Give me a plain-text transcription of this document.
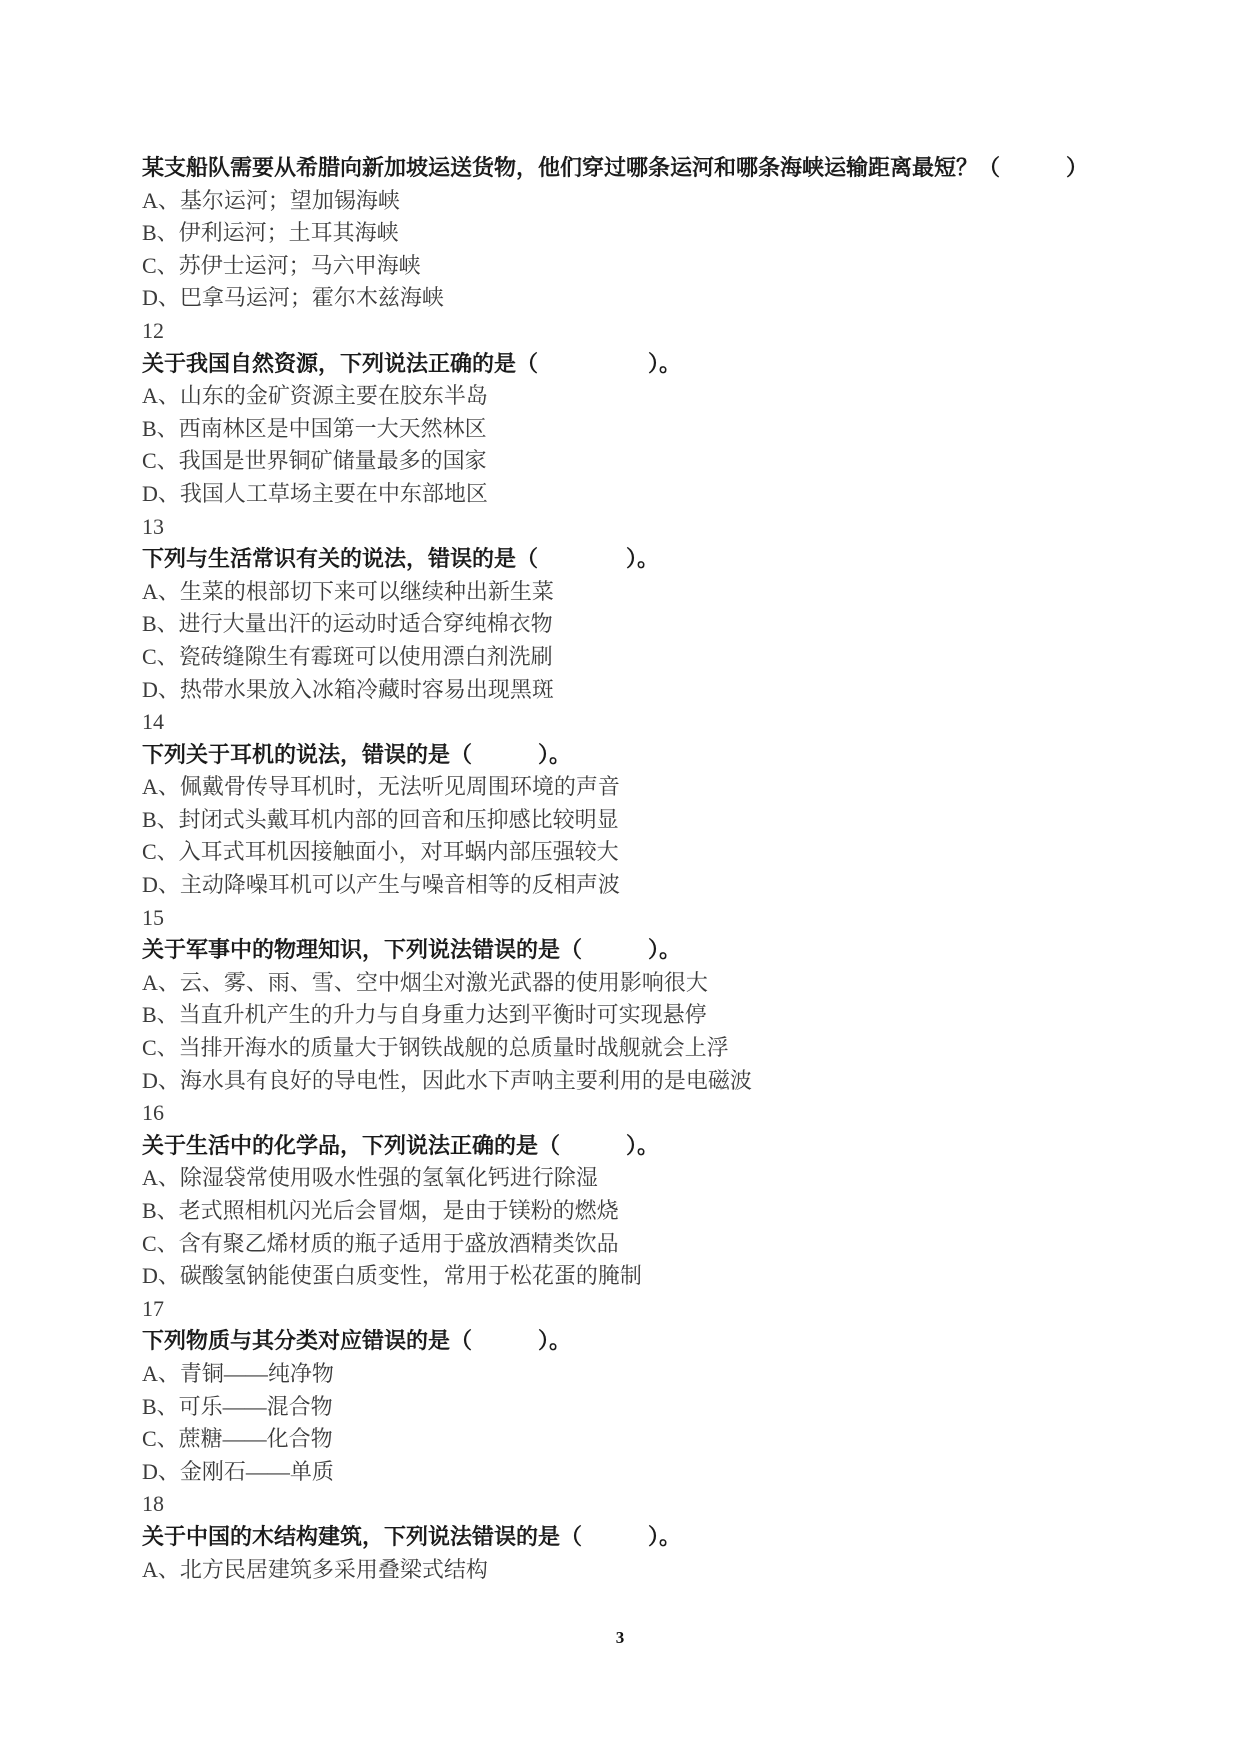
某支船队需要从希腊向新加坡运送货物，他们穿过哪条运河和哪条海峡运输距离最短？（　　　）

A、基尔运河；望加锡海峡

B、伊利运河；土耳其海峡

C、苏伊士运河；马六甲海峡

D、巴拿马运河；霍尔木兹海峡

12

关于我国自然资源，下列说法正确的是（　　　　　）。

A、山东的金矿资源主要在胶东半岛

B、西南林区是中国第一大天然林区

C、我国是世界铜矿储量最多的国家

D、我国人工草场主要在中东部地区

13

下列与生活常识有关的说法，错误的是（　　　　）。

A、生菜的根部切下来可以继续种出新生菜

B、进行大量出汗的运动时适合穿纯棉衣物

C、瓷砖缝隙生有霉斑可以使用漂白剂洗刷

D、热带水果放入冰箱冷藏时容易出现黑斑

14

下列关于耳机的说法，错误的是（　　　）。

A、佩戴骨传导耳机时，无法听见周围环境的声音

B、封闭式头戴耳机内部的回音和压抑感比较明显

C、入耳式耳机因接触面小，对耳蜗内部压强较大

D、主动降噪耳机可以产生与噪音相等的反相声波

15

关于军事中的物理知识，下列说法错误的是（　　　）。

A、云、雾、雨、雪、空中烟尘对激光武器的使用影响很大

B、当直升机产生的升力与自身重力达到平衡时可实现悬停

C、当排开海水的质量大于钢铁战舰的总质量时战舰就会上浮

D、海水具有良好的导电性，因此水下声呐主要利用的是电磁波

16

关于生活中的化学品，下列说法正确的是（　　　）。

A、除湿袋常使用吸水性强的氢氧化钙进行除湿

B、老式照相机闪光后会冒烟，是由于镁粉的燃烧

C、含有聚乙烯材质的瓶子适用于盛放酒精类饮品

D、碳酸氢钠能使蛋白质变性，常用于松花蛋的腌制

17

下列物质与其分类对应错误的是（　　　）。

A、青铜——纯净物

B、可乐——混合物

C、蔗糖——化合物

D、金刚石——单质

18

关于中国的木结构建筑，下列说法错误的是（　　　）。

A、北方民居建筑多采用叠梁式结构

3
